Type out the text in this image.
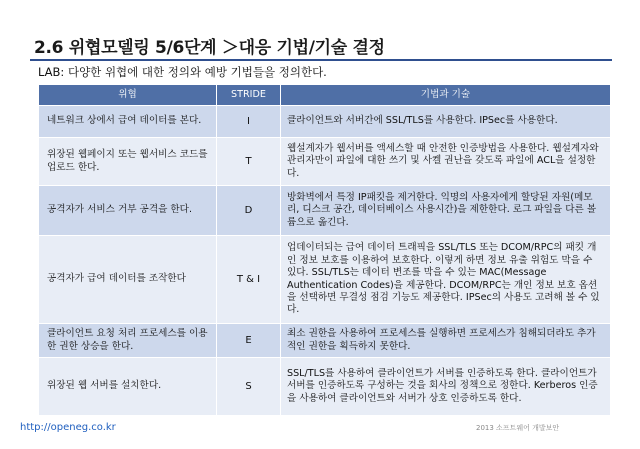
2.6 위협모델링 5/6단계 ＞대응 기법/기술 결정
LAB: 다양한 위협에 대한 정의와 예방 기법들을 정의한다.
위협	STRIDE	기법과 기술
네트워크 상에서 급여 데이터를 본다.	I	클라이언트와 서버간에 SSL/TLS를 사용한다. IPSec를 사용한다.
위장된 웹페이지 또는 웹서비스 코드를 업로드 한다.	T	웹설계자가 웹서버를 액세스할 때 안전한 인증방법을 사용한다. 웹설계자와 관리자만이 파일에 대한 쓰기 및 사켈 권난을 갖도록 파일에 ACL을 설정한다.
공격자가 서비스 거부 공격을 한다.	D	방화벽에서 특정 IP패킷을 제거한다. 익명의 사용자에게 할당된 자원(메모리, 디스크 공간, 데이터베이스 사용시간)을 제한한다. 로그 파일을 다른 볼륨으로 옮긴다.
공격자가 급여 데이터를 조작한다	T & I	업데이터되는 급여 데이터 트래픽을 SSL/TLS 또는 DCOM/RPC의 패킷 개인 정보 보호를 이용하여 보호한다. 이렇게 하면 정보 유출 위험도 막을 수 있다. SSL/TLS는 데이터 변조를 막을 수 있는 MAC(Message Authentication Codes)을 제공한다. DCOM/RPC는 개인 정보 보호 옵션을 선택하면 무결성 점검 기능도 제공한다. IPSec의 사용도 고려해 볼 수 있다.
클라이언트 요청 처리 프로세스를 이용한 권한 상승을 한다.	E	최소 권한을 사용하여 프로세스를 실행하면 프로세스가 침해되더라도 추가적인 권한을 획득하지 못한다.
위장된 웹 서버를 설치한다.	S	SSL/TLS를 사용하여 클라이언트가 서버를 인증하도록 한다. 클라이언트가 서버를 인증하도록 구성하는 것을 회사의 정책으로 정한다. Kerberos 인증을 사용하여 클라이언트와 서버가 상호 인증하도록 한다.
http://openeg.co.kr	2013 소프트웨어 개발보안
